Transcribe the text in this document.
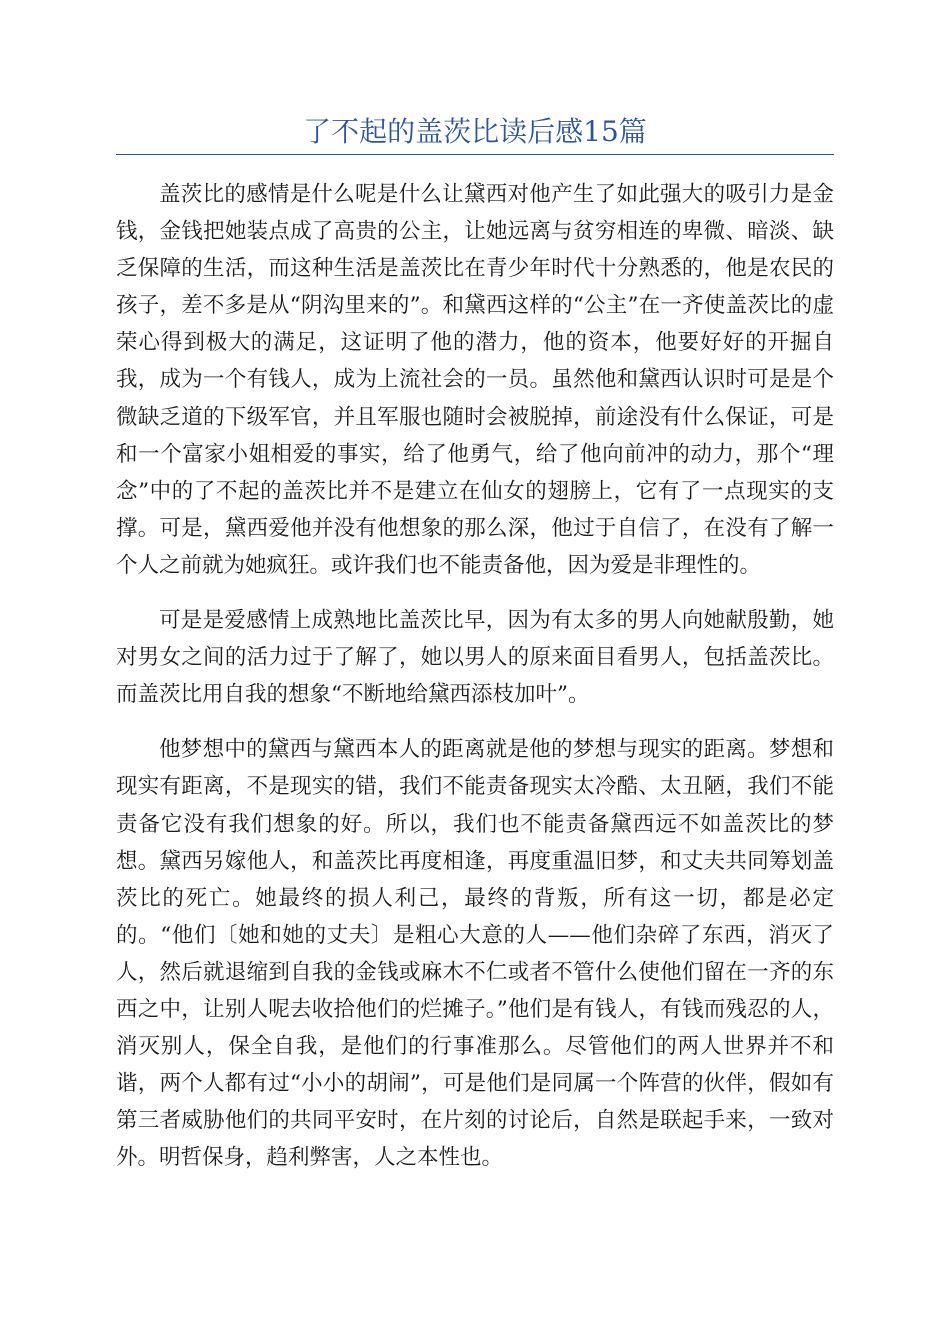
了不起的盖茨比读后感15篇

盖茨比的感情是什么呢是什么让黛西对他产生了如此强大的吸引力是金钱，金钱把她装点成了高贵的公主，让她远离与贫穷相连的卑微、暗淡、缺乏保障的生活，而这种生活是盖茨比在青少年时代十分熟悉的，他是农民的孩子，差不多是从“阴沟里来的”。和黛西这样的“公主”在一齐使盖茨比的虚荣心得到极大的满足，这证明了他的潜力，他的资本，他要好好的开掘自我，成为一个有钱人，成为上流社会的一员。虽然他和黛西认识时可是是个微缺乏道的下级军官，并且军服也随时会被脱掉，前途没有什么保证，可是和一个富家小姐相爱的事实，给了他勇气，给了他向前冲的动力，那个“理念”中的了不起的盖茨比并不是建立在仙女的翅膀上，它有了一点现实的支撑。可是，黛西爱他并没有他想象的那么深，他过于自信了，在没有了解一个人之前就为她疯狂。或许我们也不能责备他，因为爱是非理性的。

可是是爱感情上成熟地比盖茨比早，因为有太多的男人向她献殷勤，她对男女之间的活力过于了解了，她以男人的原来面目看男人，包括盖茨比。而盖茨比用自我的想象“不断地给黛西添枝加叶”。

他梦想中的黛西与黛西本人的距离就是他的梦想与现实的距离。梦想和现实有距离，不是现实的错，我们不能责备现实太冷酷、太丑陋，我们不能责备它没有我们想象的好。所以，我们也不能责备黛西远不如盖茨比的梦想。黛西另嫁他人，和盖茨比再度相逢，再度重温旧梦，和丈夫共同筹划盖茨比的死亡。她最终的损人利己，最终的背叛，所有这一切，都是必定的。“他们〔她和她的丈夫〕是粗心大意的人——他们杂碎了东西，消灭了人，然后就退缩到自我的金钱或麻木不仁或者不管什么使他们留在一齐的东西之中，让别人呢去收拾他们的烂摊子。”他们是有钱人，有钱而残忍的人，消灭别人，保全自我，是他们的行事准那么。尽管他们的两人世界并不和谐，两个人都有过“小小的胡闹”，可是他们是同属一个阵营的伙伴，假如有第三者威胁他们的共同平安时，在片刻的讨论后，自然是联起手来，一致对外。明哲保身，趋利弊害，人之本性也。
